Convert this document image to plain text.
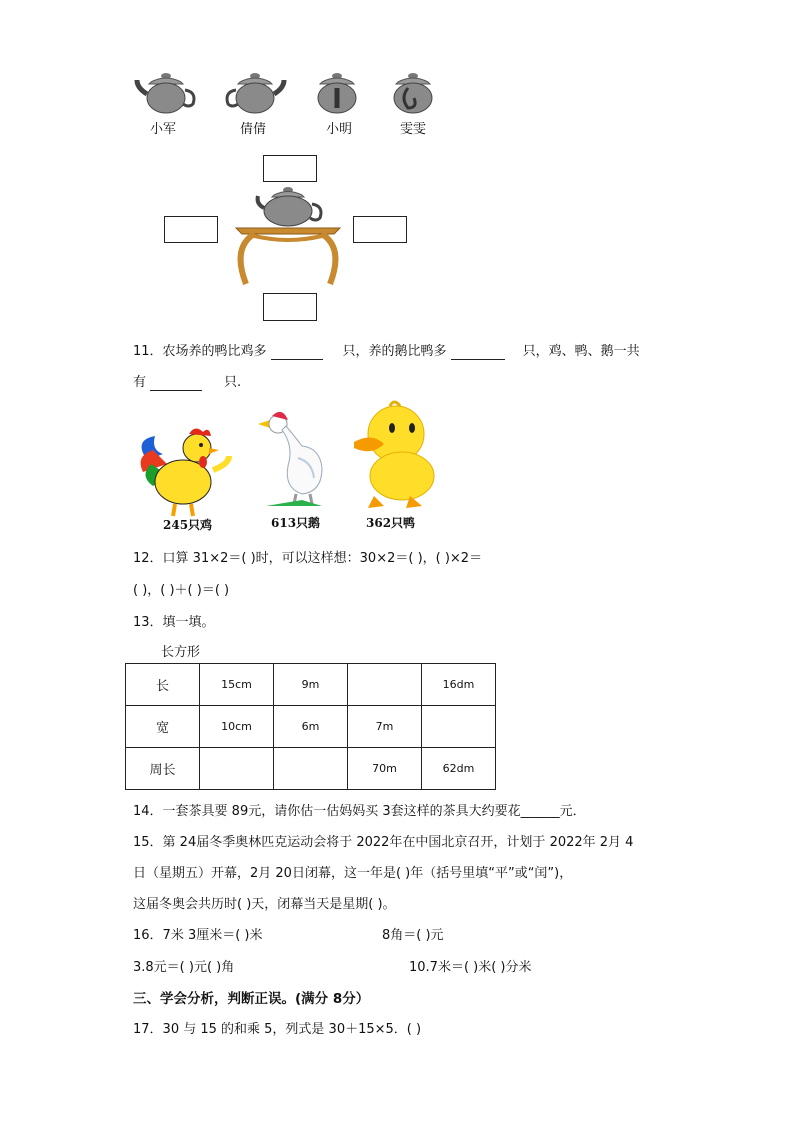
小军	倩倩	小明	雯雯
11．农场养的鸭比鸡多	只，养的鹅比鸭多	只，鸡、鸭、鹅一共
有	只.
245只鸡	613只鹅	362只鸭
12．口算 31×2＝( )时，可以这样想：30×2＝( )，( )×2＝
( )，( )＋( )＝( )
13．填一填。
长方形
长	15cm	9m		16dm
宽	10cm	6m	7m	
周长			70m	62dm
14．一套茶具要 89元，请你估一估妈妈买 3套这样的茶具大约要花______元．
15．第 24届冬季奥林匹克运动会将于 2022年在中国北京召开，计划于 2022年 2月 4
日（星期五）开幕，2月 20日闭幕，这一年是( )年（括号里填“平”或“闰”)，
这届冬奥会共历时( )天，闭幕当天是星期( )。
16．7米 3厘米＝( )米	8角＝( )元
3.8元＝( )元( )角	10.7米＝( )米( )分米
三、学会分析，判断正误。(满分 8分）
17．30 与 15 的和乘 5，列式是 30＋15×5．( )
